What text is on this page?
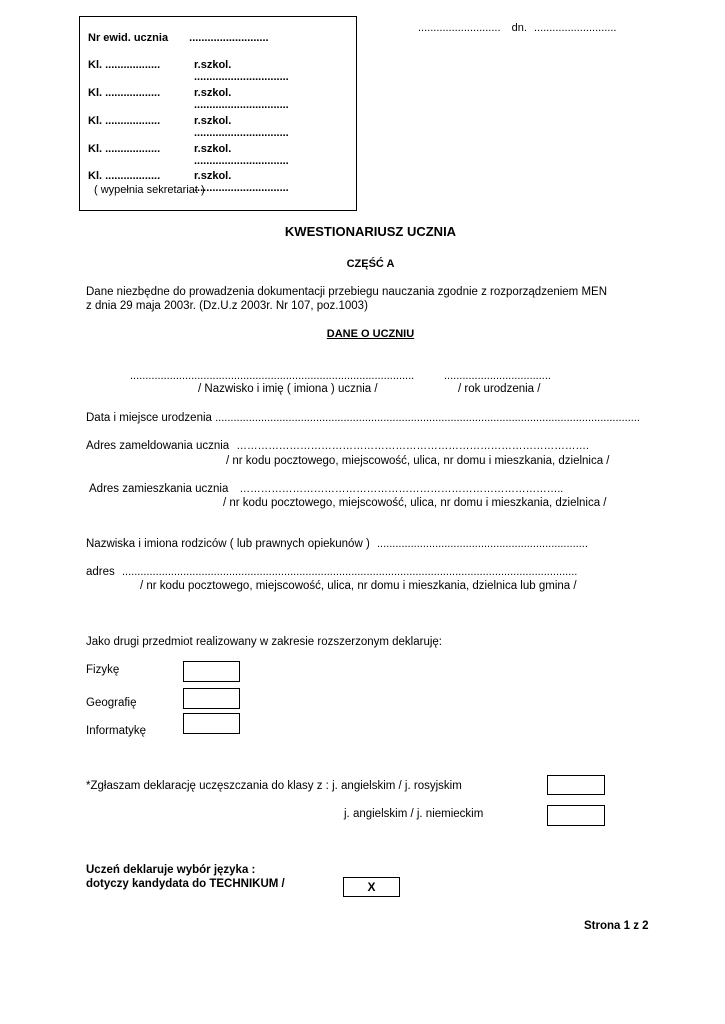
........................... dn. ...........................
Nr ewid. ucznia ..........................
Kl. ..................	r.szkol. ...............................
Kl. ..................	r.szkol. ...............................
Kl. ..................	r.szkol. ...............................
Kl. ..................	r.szkol. ...............................
Kl. ..................	r.szkol. ...............................
( wypełnia sekretariat )
KWESTIONARIUSZ UCZNIA
CZĘŚĆ A
Dane niezbędne do prowadzenia dokumentacji przebiegu nauczania zgodnie z rozporządzeniem MEN
z dnia 29 maja 2003r. (Dz.U.z 2003r. Nr 107, poz.1003)
DANE O UCZNIU
.............................................................................................	...................................
/ Nazwisko i imię ( imiona ) ucznia /	/ rok urodzenia /
Data i miejsce urodzenia ...........................................................................................................................................
Adres zameldowania ucznia ……………………………………………………………………………………….
/ nr kodu pocztowego, miejscowość, ulica, nr domu i mieszkania, dzielnica /
Adres zamieszkania ucznia ………………………………………………………………………………..
/ nr kodu pocztowego, miejscowość, ulica, nr domu i mieszkania, dzielnica /
Nazwiska i imiona rodziców ( lub prawnych opiekunów ) .....................................................................
adres .....................................................................................................................................................
/ nr kodu pocztowego, miejscowość, ulica, nr domu i mieszkania, dzielnica lub gmina /
Jako drugi przedmiot realizowany w zakresie rozszerzonym deklaruję:
Fizykę
Geografię
Informatykę
*Zgłaszam deklarację uczęszczania do klasy z : j. angielskim / j. rosyjskim
j. angielskim / j. niemieckim
Uczeń deklaruje wybór języka :
dotyczy kandydata do TECHNIKUM /	X
Strona 1 z 2
